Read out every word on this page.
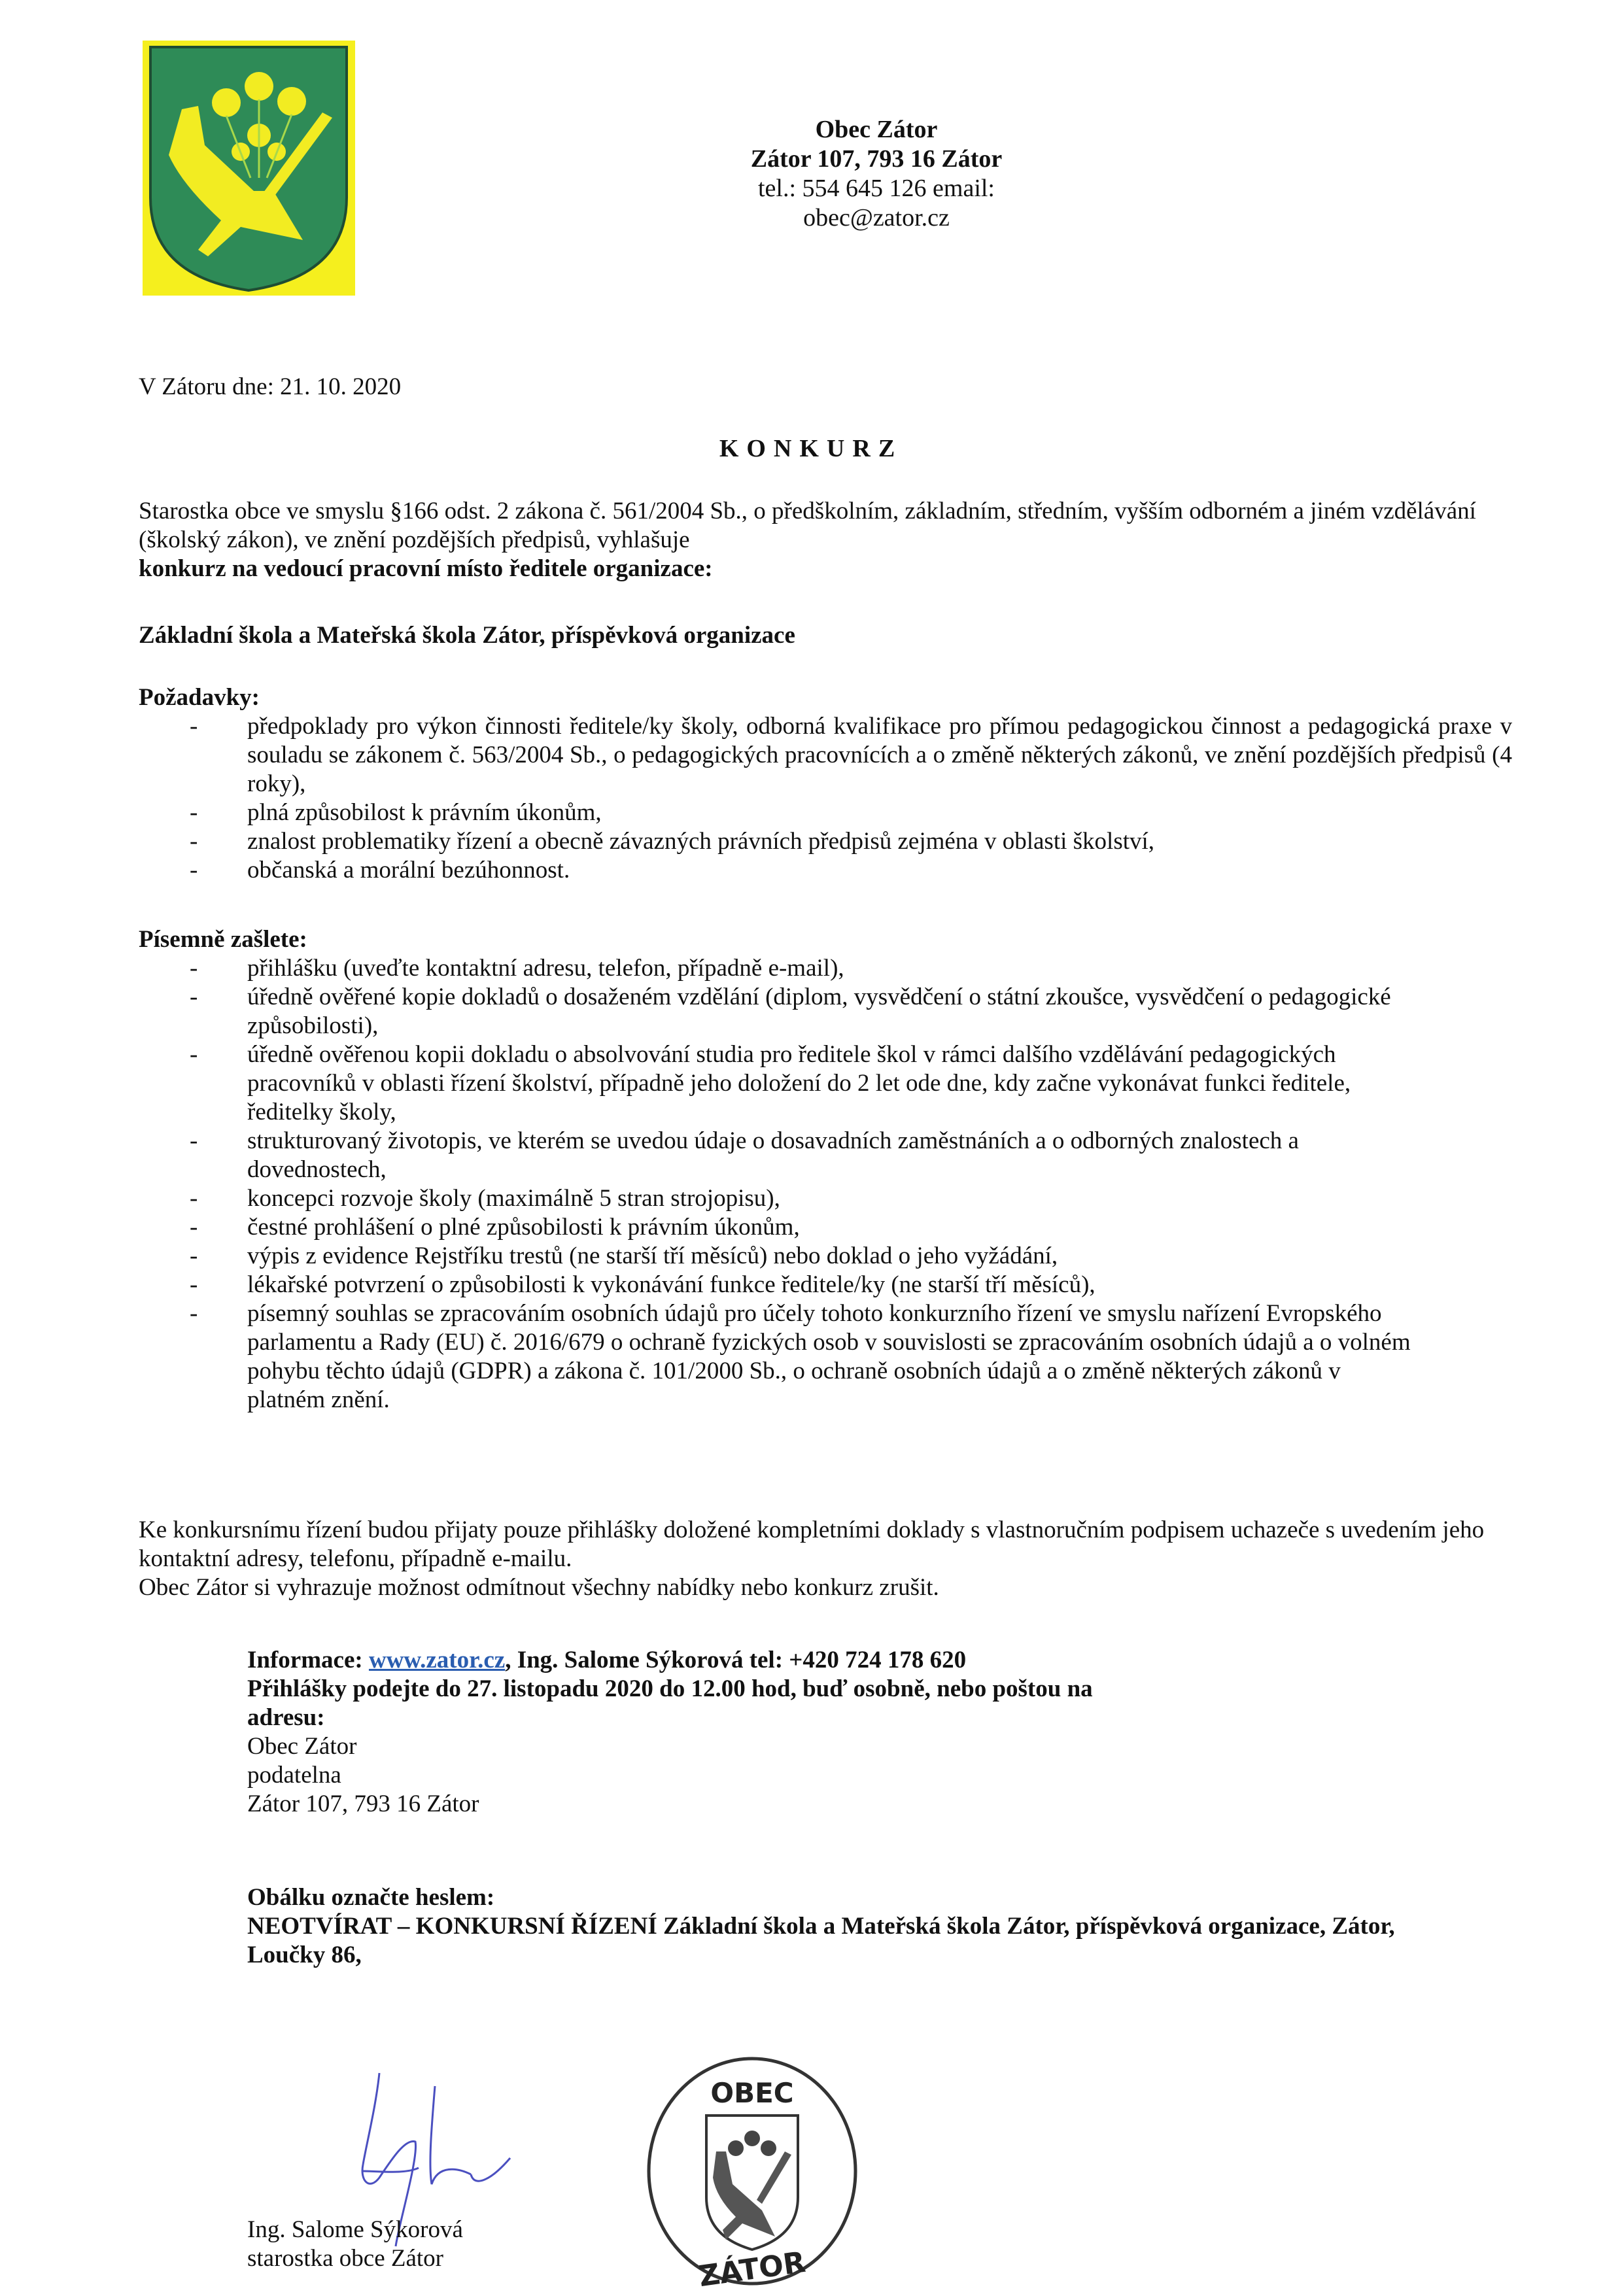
Obec Zátor
Zátor 107, 793 16 Zátor
tel.: 554 645 126 email:
obec@zator.cz
V Zátoru dne: 21. 10. 2020
KONKURZ
Starostka obce ve smyslu §166 odst. 2 zákona č. 561/2004 Sb., o předškolním, základním, středním, vyšším odborném a jiném vzdělávání (školský zákon), ve znění pozdějších předpisů, vyhlašuje
konkurz na vedoucí pracovní místo ředitele organizace:
Základní škola a Mateřská škola Zátor, příspěvková organizace
Požadavky:
- předpoklady pro výkon činnosti ředitele/ky školy, odborná kvalifikace pro přímou pedagogickou činnost a pedagogická praxe v souladu se zákonem č. 563/2004 Sb., o pedagogických pracovnících a o změně některých zákonů, ve znění pozdějších předpisů (4 roky),
- plná způsobilost k právním úkonům,
- znalost problematiky řízení a obecně závazných právních předpisů zejména v oblasti školství,
- občanská a morální bezúhonnost.
Písemně zašlete:
- přihlášku (uveďte kontaktní adresu, telefon, případně e-mail),
- úředně ověřené kopie dokladů o dosaženém vzdělání (diplom, vysvědčení o státní zkoušce, vysvědčení o pedagogické způsobilosti),
- úředně ověřenou kopii dokladu o absolvování studia pro ředitele škol v rámci dalšího vzdělávání pedagogických pracovníků v oblasti řízení školství, případně jeho doložení do 2 let ode dne, kdy začne vykonávat funkci ředitele, ředitelky školy,
- strukturovaný životopis, ve kterém se uvedou údaje o dosavadních zaměstnáních a o odborných znalostech a dovednostech,
- koncepci rozvoje školy (maximálně 5 stran strojopisu),
- čestné prohlášení o plné způsobilosti k právním úkonům,
- výpis z evidence Rejstříku trestů (ne starší tří měsíců) nebo doklad o jeho vyžádání,
- lékařské potvrzení o způsobilosti k vykonávání funkce ředitele/ky (ne starší tří měsíců),
- písemný souhlas se zpracováním osobních údajů pro účely tohoto konkurzního řízení ve smyslu nařízení Evropského parlamentu a Rady (EU) č. 2016/679 o ochraně fyzických osob v souvislosti se zpracováním osobních údajů a o volném pohybu těchto údajů (GDPR) a zákona č. 101/2000 Sb., o ochraně osobních údajů a o změně některých zákonů v platném znění.
Ke konkursnímu řízení budou přijaty pouze přihlášky doložené kompletními doklady s vlastnoručním podpisem uchazeče s uvedením jeho kontaktní adresy, telefonu, případně e-mailu.
Obec Zátor si vyhrazuje možnost odmítnout všechny nabídky nebo konkurz zrušit.
Informace: www.zator.cz, Ing. Salome Sýkorová tel: +420 724 178 620
Přihlášky podejte do 27. listopadu 2020 do 12.00 hod, buď osobně, nebo poštou na adresu:
Obec Zátor
podatelna
Zátor 107, 793 16 Zátor
Obálku označte heslem:
NEOTVÍRAT – KONKURSNÍ ŘÍZENÍ Základní škola a Mateřská škola Zátor, příspěvková organizace, Zátor, Loučky 86,
Ing. Salome Sýkorová
starostka obce Zátor
OBEC
ZÁTOR
